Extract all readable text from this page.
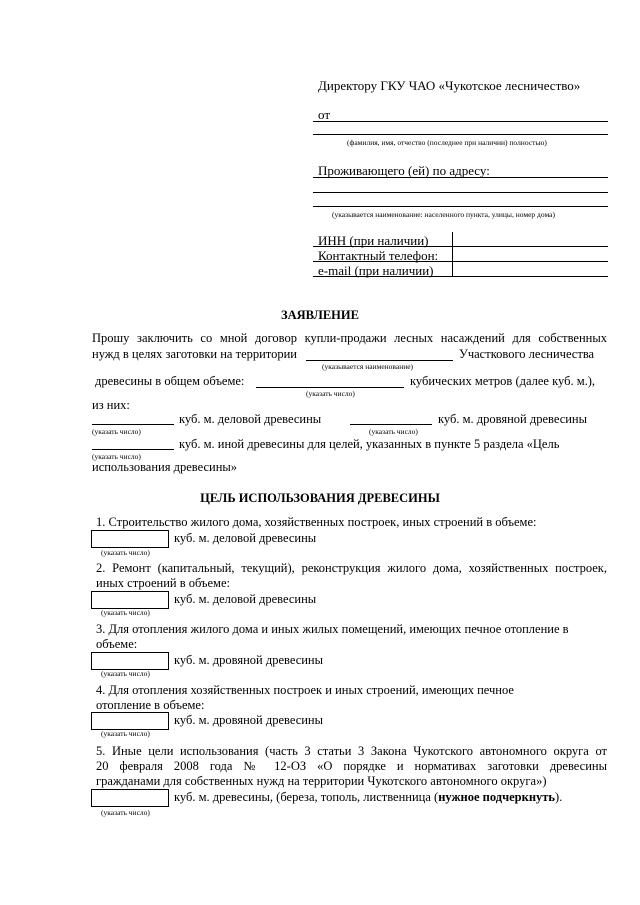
Директору ГКУ ЧАО «Чукотское лесничество»
от
(фамилия, имя, отчество (последнее при наличии) полностью)
Проживающего (ей) по адресу:
(указывается наименование: населенного пункта, улицы, номер дома)
ИНН (при наличии)
Контактный телефон:
e-mail (при наличии)
ЗАЯВЛЕНИЕ
Прошу заключить со мной договор купли-продажи лесных насаждений для собственных
нужд в целях заготовки на территории	Участкового лесничества
(указывается наименование)
древесины в общем объеме:	кубических метров (далее куб. м.),
(указать число)
из них:
куб. м. деловой древесины	куб. м. дровяной древесины
(указать число)	(указать число)
куб. м. иной древесины для целей, указанных в пункте 5 раздела «Цель
(указать число)
использования древесины»
ЦЕЛЬ ИСПОЛЬЗОВАНИЯ ДРЕВЕСИНЫ
1. Строительство жилого дома, хозяйственных построек, иных строений в объеме:
куб. м. деловой древесины
(указать число)
2. Ремонт (капитальный, текущий), реконструкция жилого дома, хозяйственных построек,
иных строений в объеме:
куб. м. деловой древесины
(указать число)
3. Для отопления жилого дома и иных жилых помещений, имеющих печное отопление в
объеме:
куб. м. дровяной древесины
(указать число)
4. Для отопления хозяйственных построек и иных строений, имеющих печное
отопление в объеме:
куб. м. дровяной древесины
(указать число)
5. Иные цели использования (часть 3 статьи 3 Закона Чукотского автономного округа от
20 февраля 2008 года № 12-ОЗ «О порядке и нормативах заготовки древесины
гражданами для собственных нужд на территории Чукотского автономного округа»)
куб. м. древесины, (береза, тополь, лиственница (нужное подчеркнуть).
(указать число)
